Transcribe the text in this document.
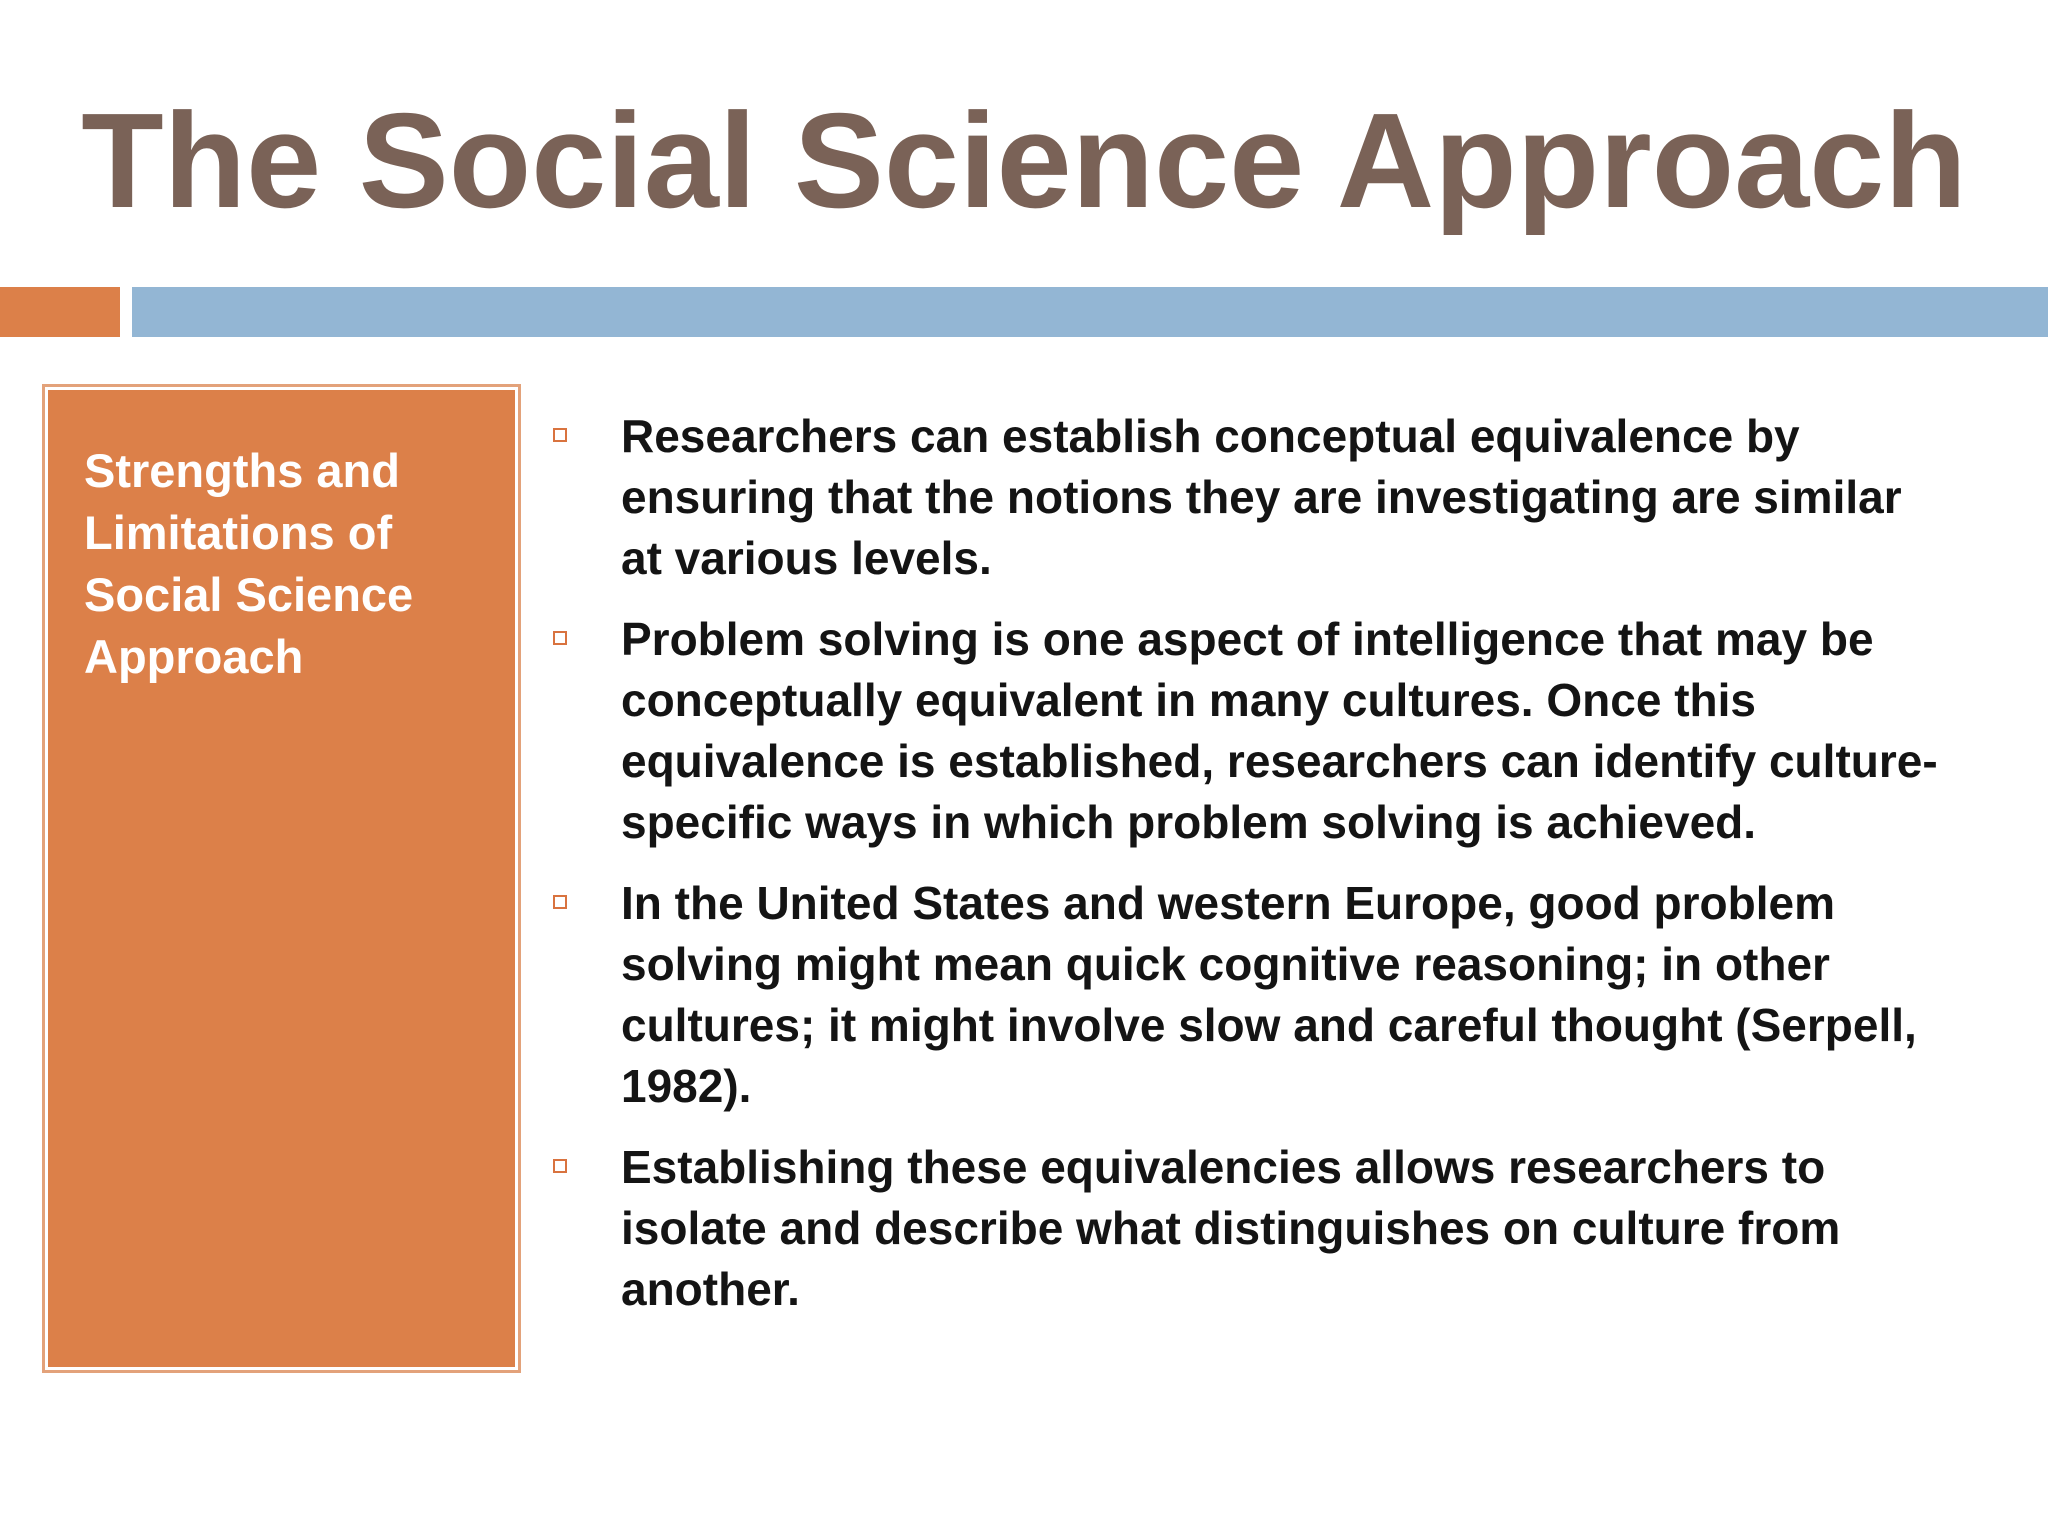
The Social Science Approach
Strengths and Limitations of Social Science Approach
Researchers can establish conceptual equivalence by ensuring that the notions they are investigating are similar at various levels.
Problem solving is one aspect of intelligence that may be conceptually equivalent in many cultures. Once this equivalence is established, researchers can identify culture-specific ways in which problem solving is achieved.
In the United States and western Europe, good problem solving might mean quick cognitive reasoning; in other cultures; it might involve slow and careful thought (Serpell, 1982).
Establishing these equivalencies allows researchers to isolate and describe what distinguishes on culture from another.
